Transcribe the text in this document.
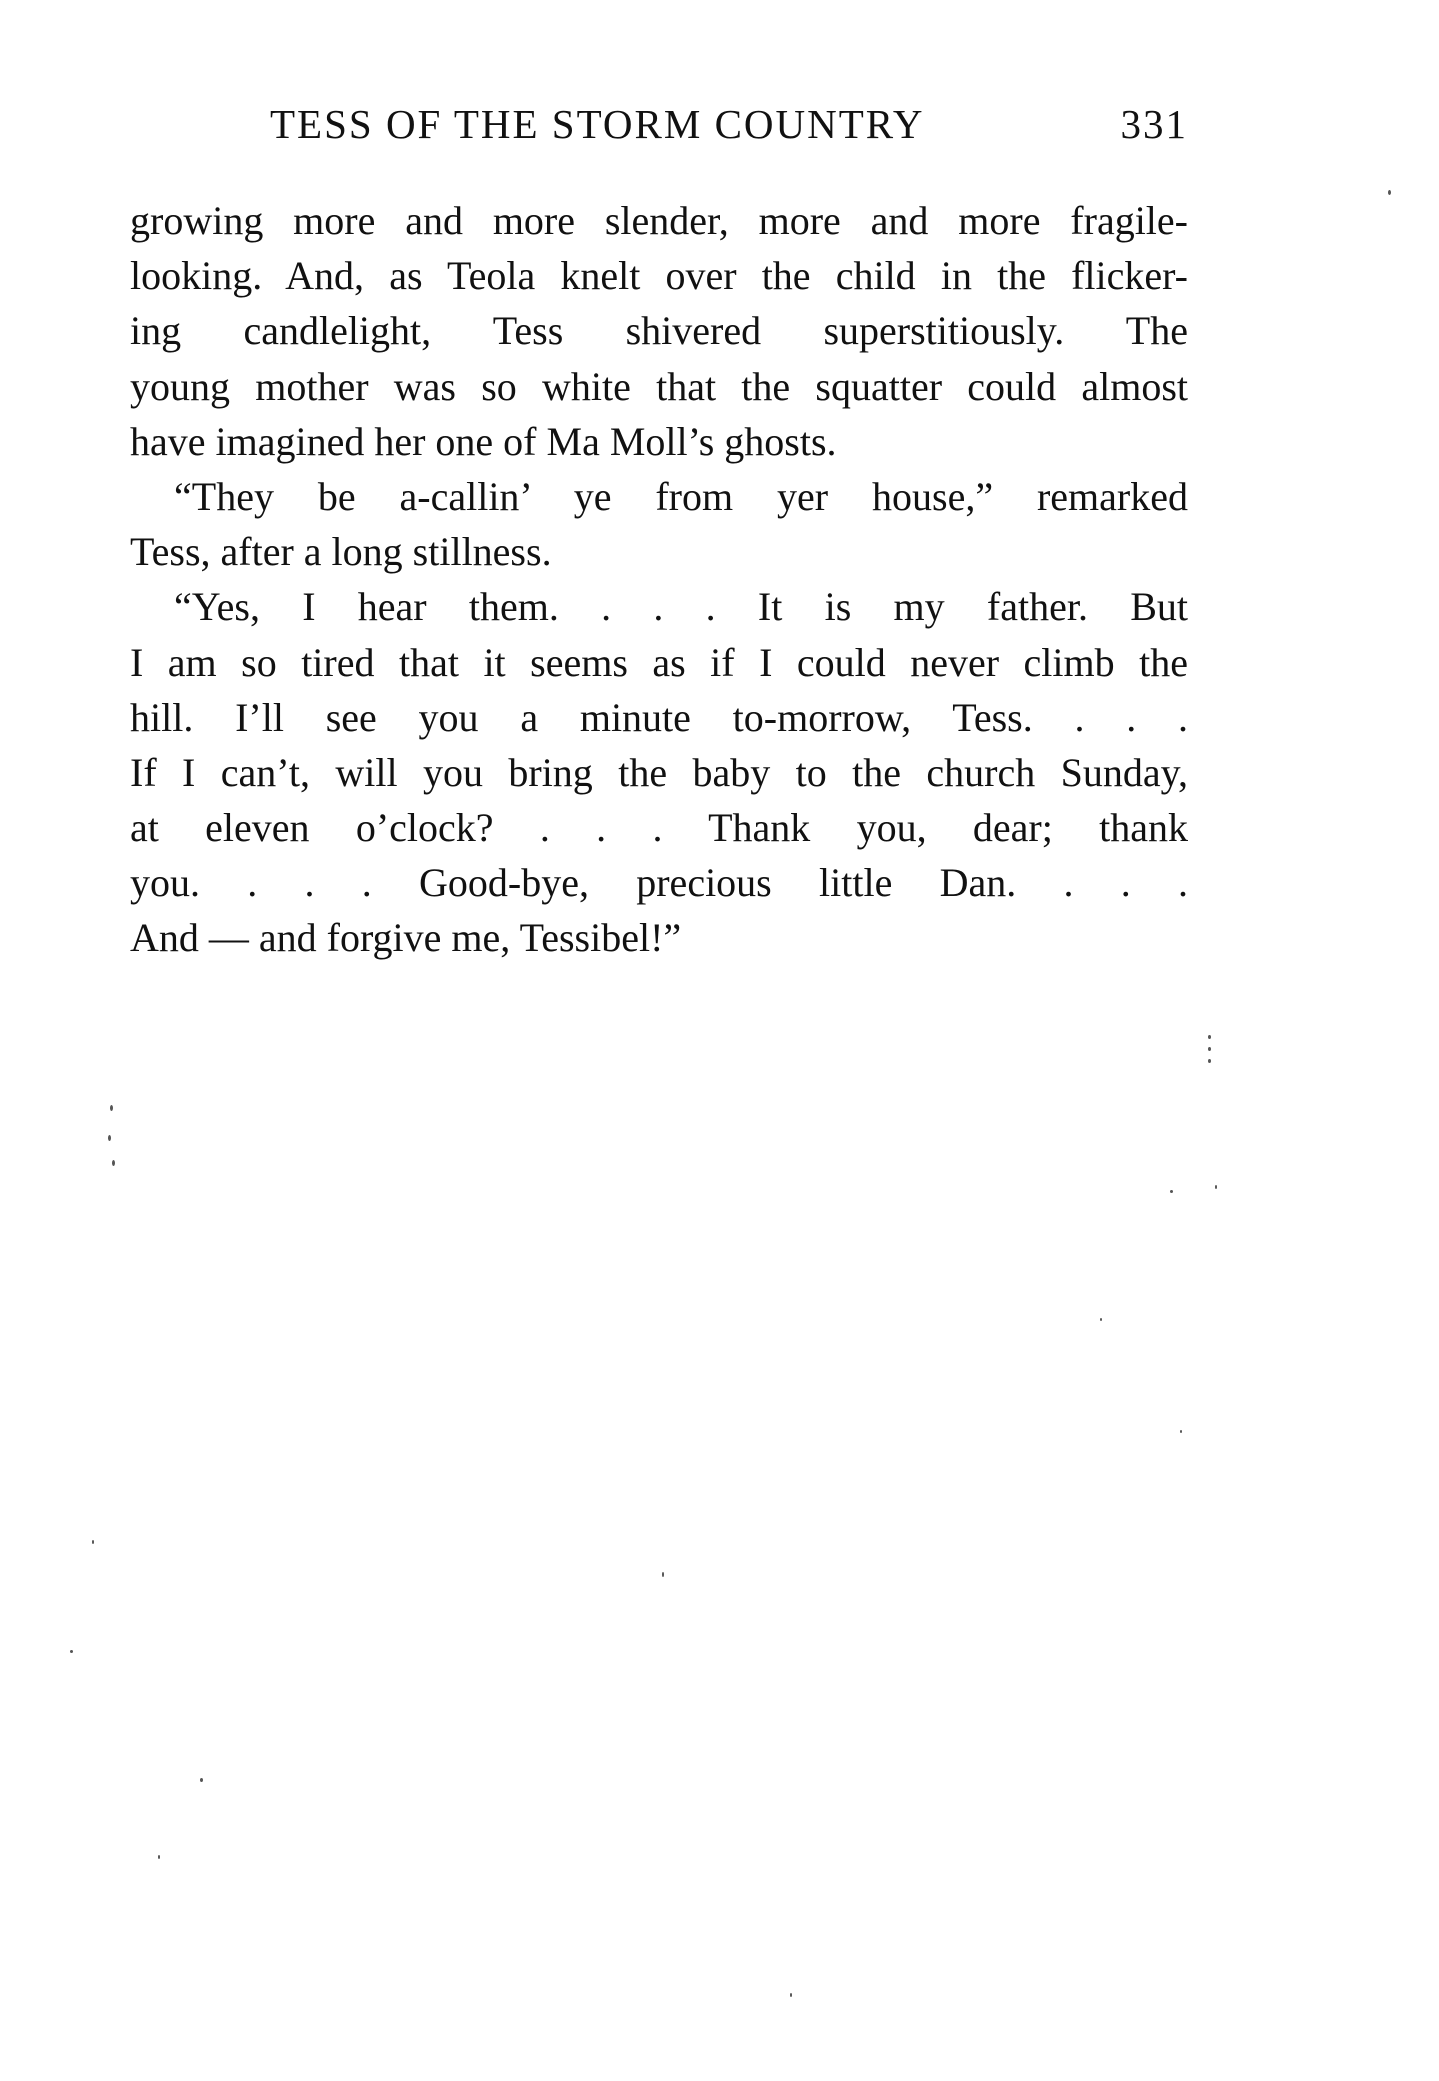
TESS OF THE STORM COUNTRY	331
growing more and more slender, more and more fragile-
looking. And, as Teola knelt over the child in the flicker-
ing candlelight, Tess shivered superstitiously. The
young mother was so white that the squatter could almost
have imagined her one of Ma Moll’s ghosts.
“They be a-callin’ ye from yer house,” remarked
Tess, after a long stillness.
“Yes, I hear them. . . . It is my father. But
I am so tired that it seems as if I could never climb the
hill. I’ll see you a minute to-morrow, Tess. . . .
If I can’t, will you bring the baby to the church Sunday,
at eleven o’clock? . . . Thank you, dear; thank
you. . . . Good-bye, precious little Dan. . . .
And — and forgive me, Tessibel!”
